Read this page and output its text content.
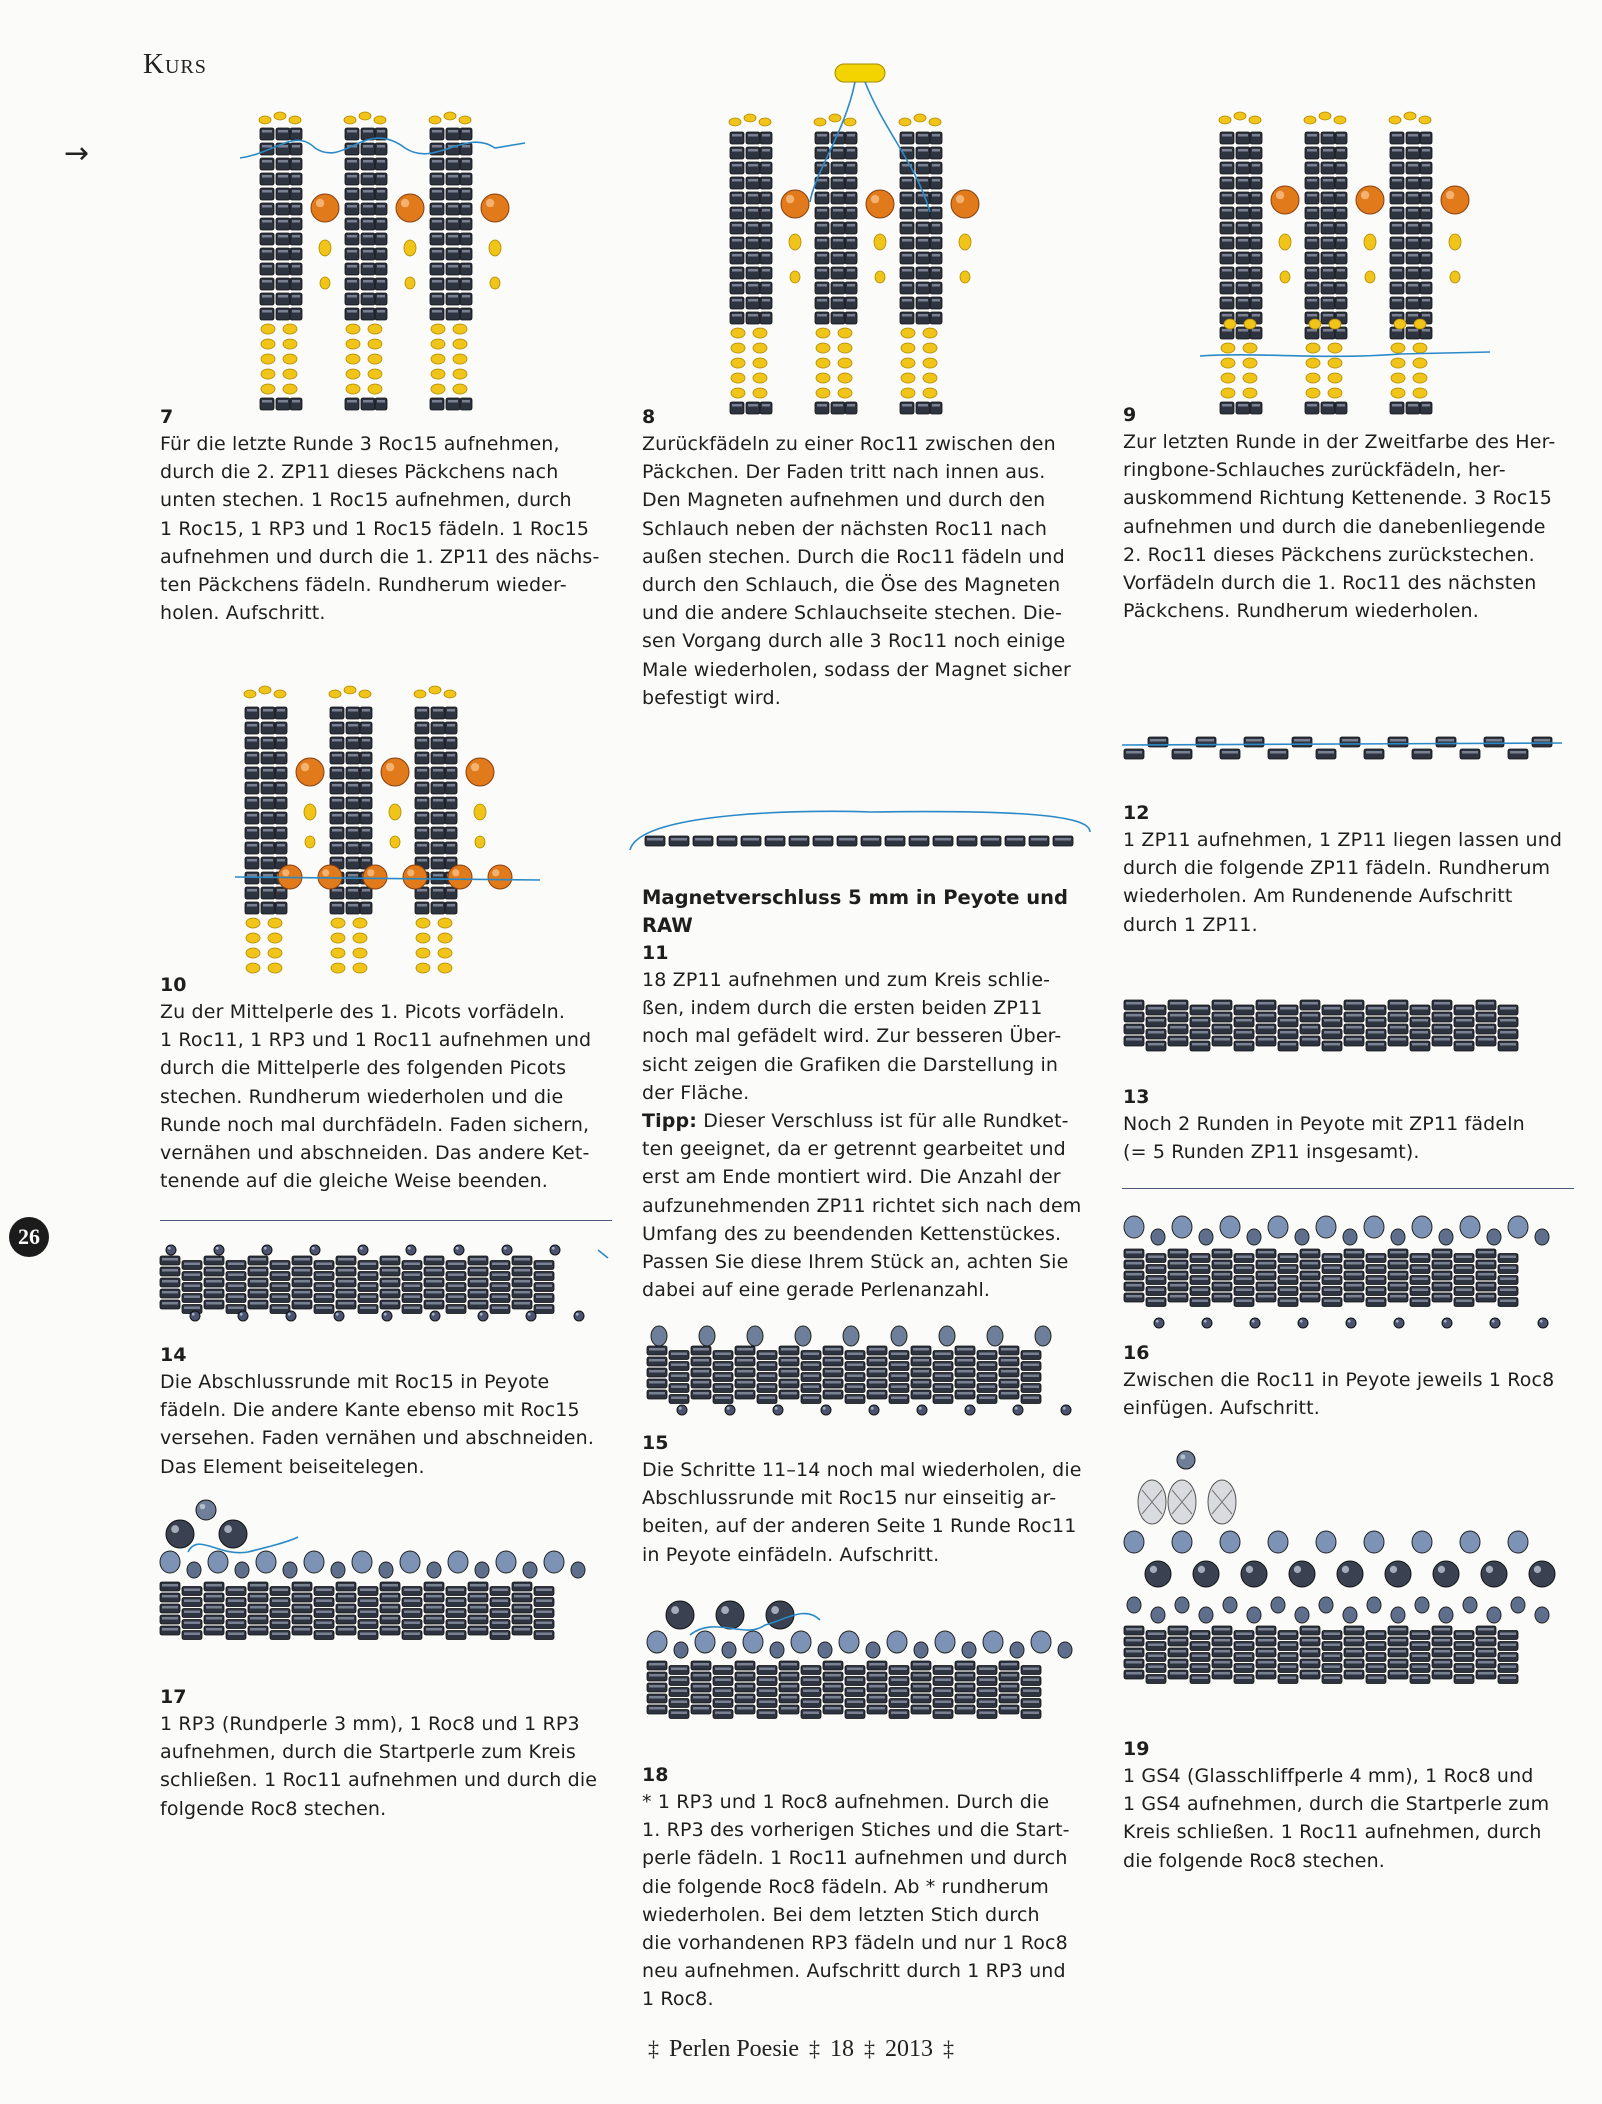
Kurs
→
26
7
Für die letzte Runde 3 Roc15 aufnehmen,
durch die 2. ZP11 dieses Päckchens nach
unten stechen. 1 Roc15 aufnehmen, durch
1 Roc15, 1 RP3 und 1 Roc15 fädeln. 1 Roc15
aufnehmen und durch die 1. ZP11 des nächs-
ten Päckchens fädeln. Rundherum wieder-
holen. Aufschritt.
10
Zu der Mittelperle des 1. Picots vorfädeln.
1 Roc11, 1 RP3 und 1 Roc11 aufnehmen und
durch die Mittelperle des folgenden Picots
stechen. Rundherum wiederholen und die
Runde noch mal durchfädeln. Faden sichern,
vernähen und abschneiden. Das andere Ket-
tenende auf die gleiche Weise beenden.
14
Die Abschlussrunde mit Roc15 in Peyote
fädeln. Die andere Kante ebenso mit Roc15
versehen. Faden vernähen und abschneiden.
Das Element beiseitelegen.
17
1 RP3 (Rundperle 3 mm), 1 Roc8 und 1 RP3
aufnehmen, durch die Startperle zum Kreis
schließen. 1 Roc11 aufnehmen und durch die
folgende Roc8 stechen.
8
Zurückfädeln zu einer Roc11 zwischen den
Päckchen. Der Faden tritt nach innen aus.
Den Magneten aufnehmen und durch den
Schlauch neben der nächsten Roc11 nach
außen stechen. Durch die Roc11 fädeln und
durch den Schlauch, die Öse des Magneten
und die andere Schlauchseite stechen. Die-
sen Vorgang durch alle 3 Roc11 noch einige
Male wiederholen, sodass der Magnet sicher
befestigt wird.
Magnetverschluss 5 mm in Peyote und RAW
11
18 ZP11 aufnehmen und zum Kreis schlie-
ßen, indem durch die ersten beiden ZP11
noch mal gefädelt wird. Zur besseren Über-
sicht zeigen die Grafiken die Darstellung in
der Fläche.
Tipp: Dieser Verschluss ist für alle Rundket-
ten geeignet, da er getrennt gearbeitet und
erst am Ende montiert wird. Die Anzahl der
aufzunehmenden ZP11 richtet sich nach dem
Umfang des zu beendenden Kettenstückes.
Passen Sie diese Ihrem Stück an, achten Sie
dabei auf eine gerade Perlenanzahl.
15
Die Schritte 11–14 noch mal wiederholen, die
Abschlussrunde mit Roc15 nur einseitig ar-
beiten, auf der anderen Seite 1 Runde Roc11
in Peyote einfädeln. Aufschritt.
18
* 1 RP3 und 1 Roc8 aufnehmen. Durch die
1. RP3 des vorherigen Stiches und die Start-
perle fädeln. 1 Roc11 aufnehmen und durch
die folgende Roc8 fädeln. Ab * rundherum
wiederholen. Bei dem letzten Stich durch
die vorhandenen RP3 fädeln und nur 1 Roc8
neu aufnehmen. Aufschritt durch 1 RP3 und
1 Roc8.
9
Zur letzten Runde in der Zweitfarbe des Her-
ringbone-Schlauches zurückfädeln, her-
auskommend Richtung Kettenende. 3 Roc15
aufnehmen und durch die danebenliegende
2. Roc11 dieses Päckchens zurückstechen.
Vorfädeln durch die 1. Roc11 des nächsten
Päckchens. Rundherum wiederholen.
12
1 ZP11 aufnehmen, 1 ZP11 liegen lassen und
durch die folgende ZP11 fädeln. Rundherum
wiederholen. Am Rundenende Aufschritt
durch 1 ZP11.
13
Noch 2 Runden in Peyote mit ZP11 fädeln
(= 5 Runden ZP11 insgesamt).
16
Zwischen die Roc11 in Peyote jeweils 1 Roc8
einfügen. Aufschritt.
19
1 GS4 (Glasschliffperle 4 mm), 1 Roc8 und
1 GS4 aufnehmen, durch die Startperle zum
Kreis schließen. 1 Roc11 aufnehmen, durch
die folgende Roc8 stechen.
‡ Perlen Poesie ‡ 18 ‡ 2013 ‡
